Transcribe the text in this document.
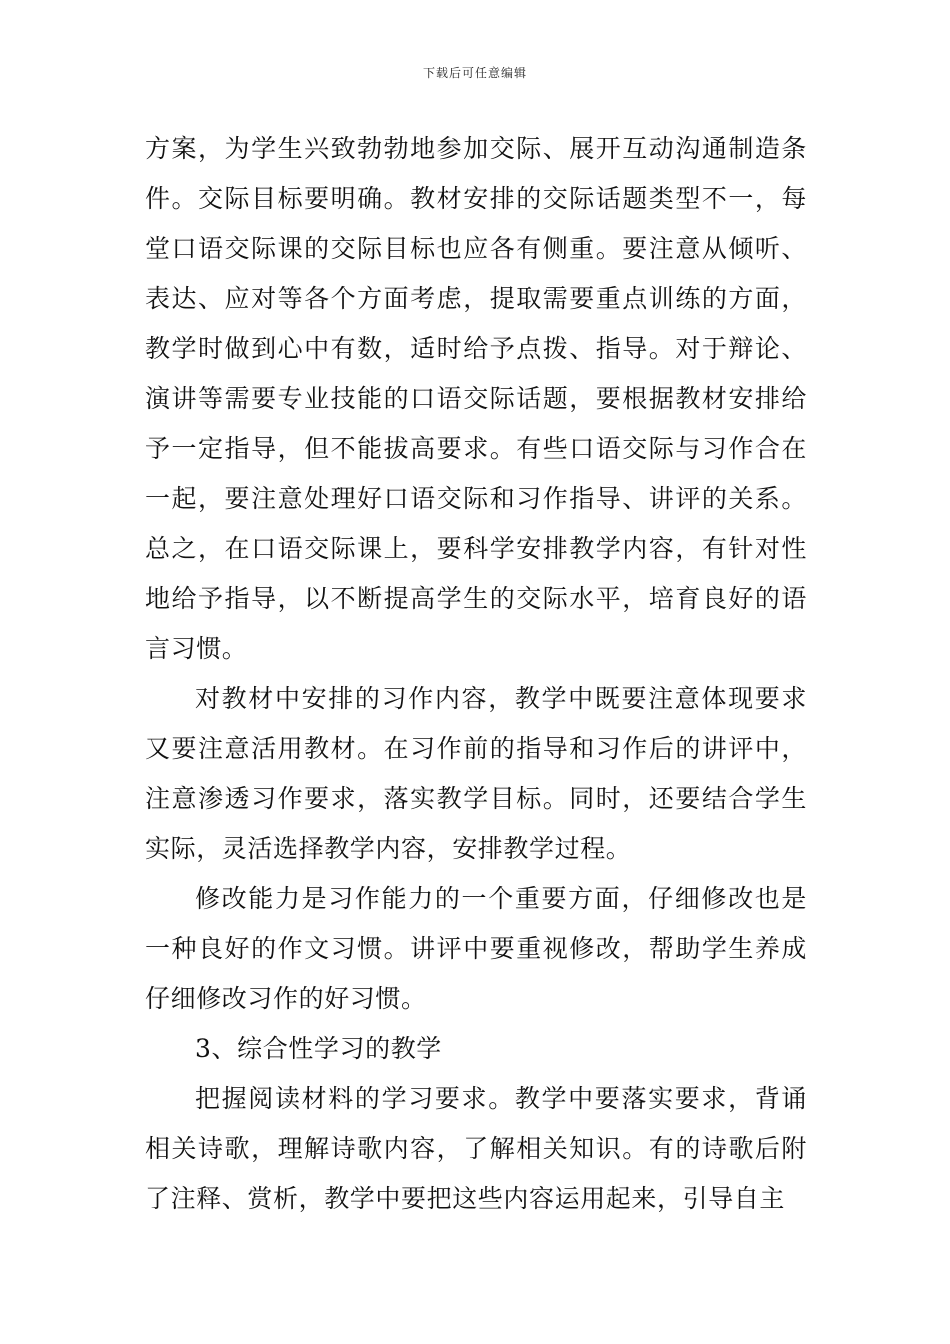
下载后可任意编辑

方案，为学生兴致勃勃地参加交际、展开互动沟通制造条件。交际目标要明确。教材安排的交际话题类型不一，每堂口语交际课的交际目标也应各有侧重。要注意从倾听、表达、应对等各个方面考虑，提取需要重点训练的方面，教学时做到心中有数，适时给予点拨、指导。对于辩论、演讲等需要专业技能的口语交际话题，要根据教材安排给予一定指导，但不能拔高要求。有些口语交际与习作合在一起，要注意处理好口语交际和习作指导、讲评的关系。总之，在口语交际课上，要科学安排教学内容，有针对性地给予指导，以不断提高学生的交际水平，培育良好的语言习惯。

对教材中安排的习作内容，教学中既要注意体现要求又要注意活用教材。在习作前的指导和习作后的讲评中，注意渗透习作要求，落实教学目标。同时，还要结合学生实际，灵活选择教学内容，安排教学过程。

修改能力是习作能力的一个重要方面，仔细修改也是一种良好的作文习惯。讲评中要重视修改，帮助学生养成仔细修改习作的好习惯。

3、综合性学习的教学

把握阅读材料的学习要求。教学中要落实要求，背诵相关诗歌，理解诗歌内容，了解相关知识。有的诗歌后附了注释、赏析，教学中要把这些内容运用起来，引导自主
